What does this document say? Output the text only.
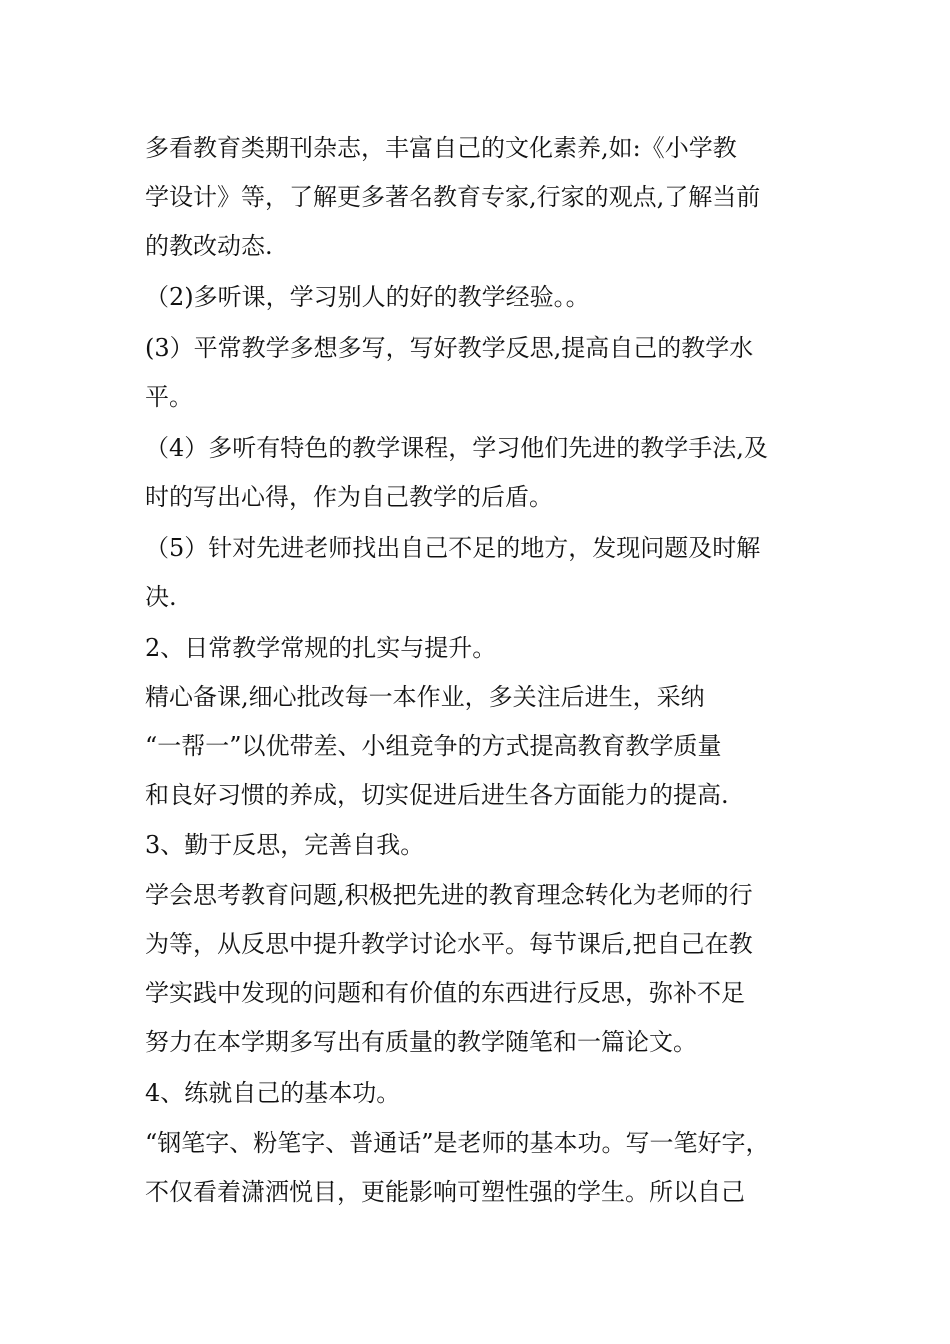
多看教育类期刊杂志，丰富自己的文化素养,如:《小学教
学设计》等，了解更多著名教育专家,行家的观点,了解当前
的教改动态.
（2)多听课，学习别人的好的教学经验。。
(3）平常教学多想多写，写好教学反思,提高自己的教学水
平。
（4）多听有特色的教学课程，学习他们先进的教学手法,及
时的写出心得，作为自己教学的后盾。
（5）针对先进老师找出自己不足的地方，发现问题及时解
决.
2、日常教学常规的扎实与提升。
精心备课,细心批改每一本作业，多关注后进生，采纳
“一帮一”以优带差、小组竞争的方式提高教育教学质量
和良好习惯的养成，切实促进后进生各方面能力的提高.
3、勤于反思，完善自我。
学会思考教育问题,积极把先进的教育理念转化为老师的行
为等，从反思中提升教学讨论水平。每节课后,把自己在教
学实践中发现的问题和有价值的东西进行反思，弥补不足
努力在本学期多写出有质量的教学随笔和一篇论文。
4、练就自己的基本功。
“钢笔字、粉笔字、普通话”是老师的基本功。写一笔好字，
不仅看着潇洒悦目，更能影响可塑性强的学生。所以自己
